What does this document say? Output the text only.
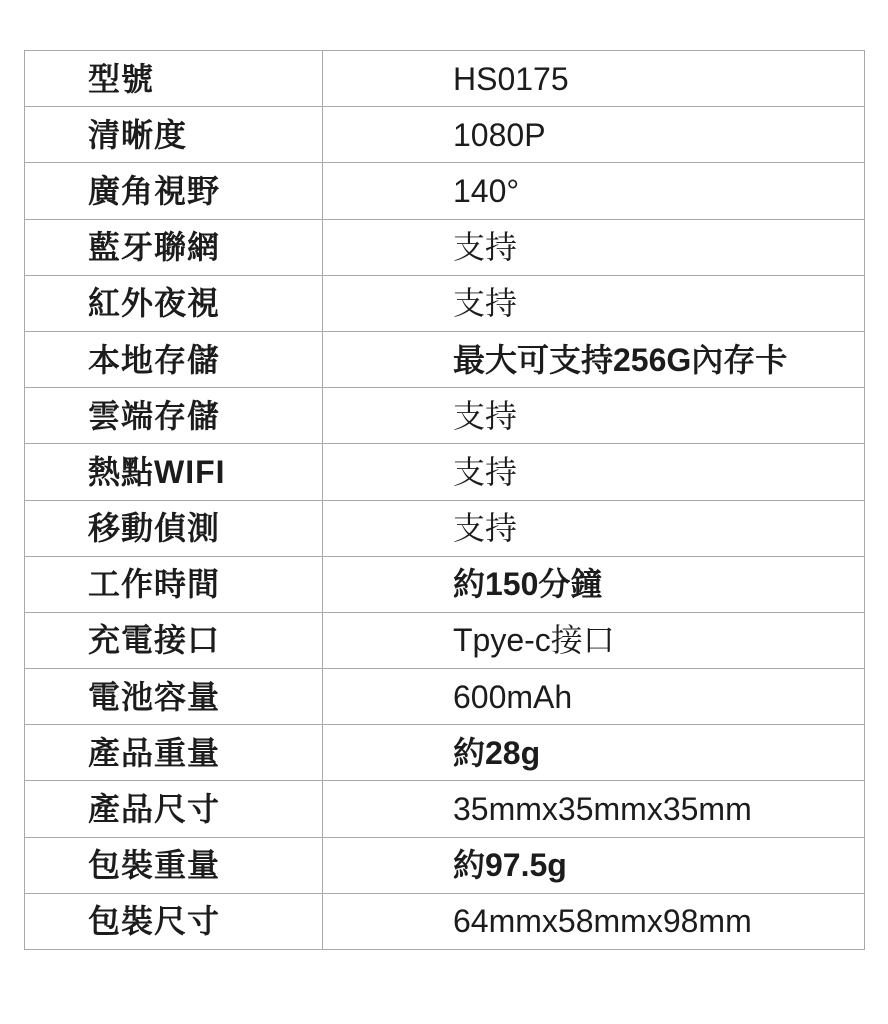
型號	HS0175
清晰度	1080P
廣角視野	140°
藍牙聯網	支持
紅外夜視	支持
本地存儲	最大可支持256G內存卡
雲端存儲	支持
熱點WIFI	支持
移動偵測	支持
工作時間	約150分鐘
充電接口	Tpye-c接口
電池容量	600mAh
產品重量	約28g
產品尺寸	35mmx35mmx35mm
包裝重量	約97.5g
包裝尺寸	64mmx58mmx98mm
